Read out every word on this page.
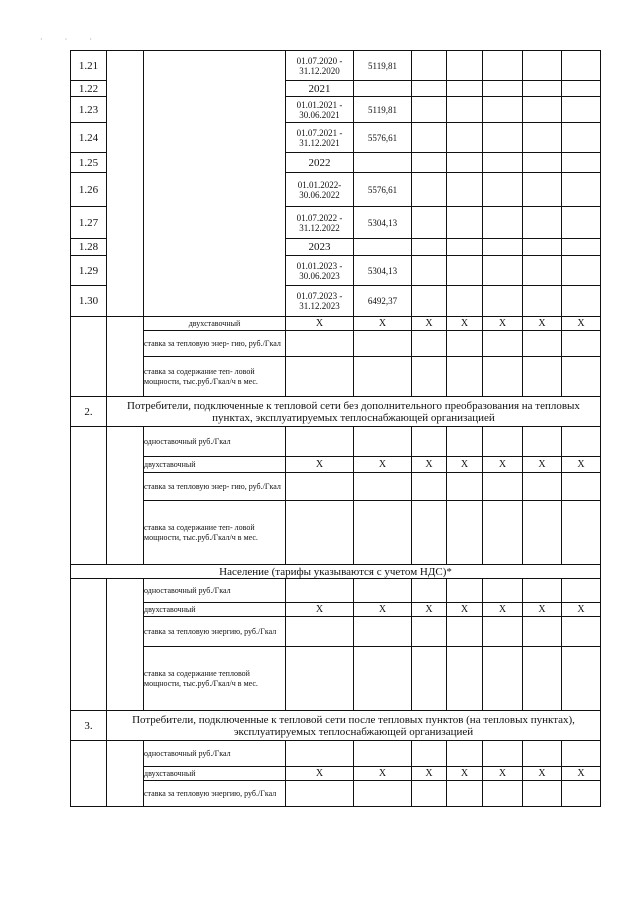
· · ·
1.21			01.07.2020 - 31.12.2020	5119,81					
1.22			2021						
1.23			01.01.2021 - 30.06.2021	5119,81					
1.24			01.07.2021 - 31.12.2021	5576,61					
1.25			2022						
1.26			01.01.2022- 30.06.2022	5576,61					
1.27			01.07.2022 - 31.12.2022	5304,13					
1.28			2023						
1.29			01.01.2023 - 30.06.2023	5304,13					
1.30			01.07.2023 - 31.12.2023	6492,37					
		двухставочный	X	X	X	X	X	X	X
		ставка за тепловую энер- гию, руб./Гкал							
		ставка за содержание теп- ловой мощности, тыс.руб./Гкал/ч в мес.							
2.	Потребители, подключенные к тепловой сети без дополнительного преобразования на тепловых пунктах, эксплуатируемых теплоснабжающей организацией								
		одноставочный руб./Гкал							
		двухставочный	X	X	X	X	X	X	X
		ставка за тепловую энер- гию, руб./Гкал							
		ставка за содержание теп- ловой мощности, тыс.руб./Гкал/ч в мес.							
Население (тарифы указываются с учетом НДС)*									
		одноставочный руб./Гкал							
		двухставочный	X	X	X	X	X	X	X
		ставка за тепловую энергию, руб./Гкал							
		ставка за содержание тепловой мощности, тыс.руб./Гкал/ч в мес.							
3.	Потребители, подключенные к тепловой сети после тепловых пунктов (на тепловых пунктах), эксплуатируемых теплоснабжающей организацией								
		одноставочный руб./Гкал							
		двухставочный	X	X	X	X	X	X	X
		ставка за тепловую энергию, руб./Гкал							
